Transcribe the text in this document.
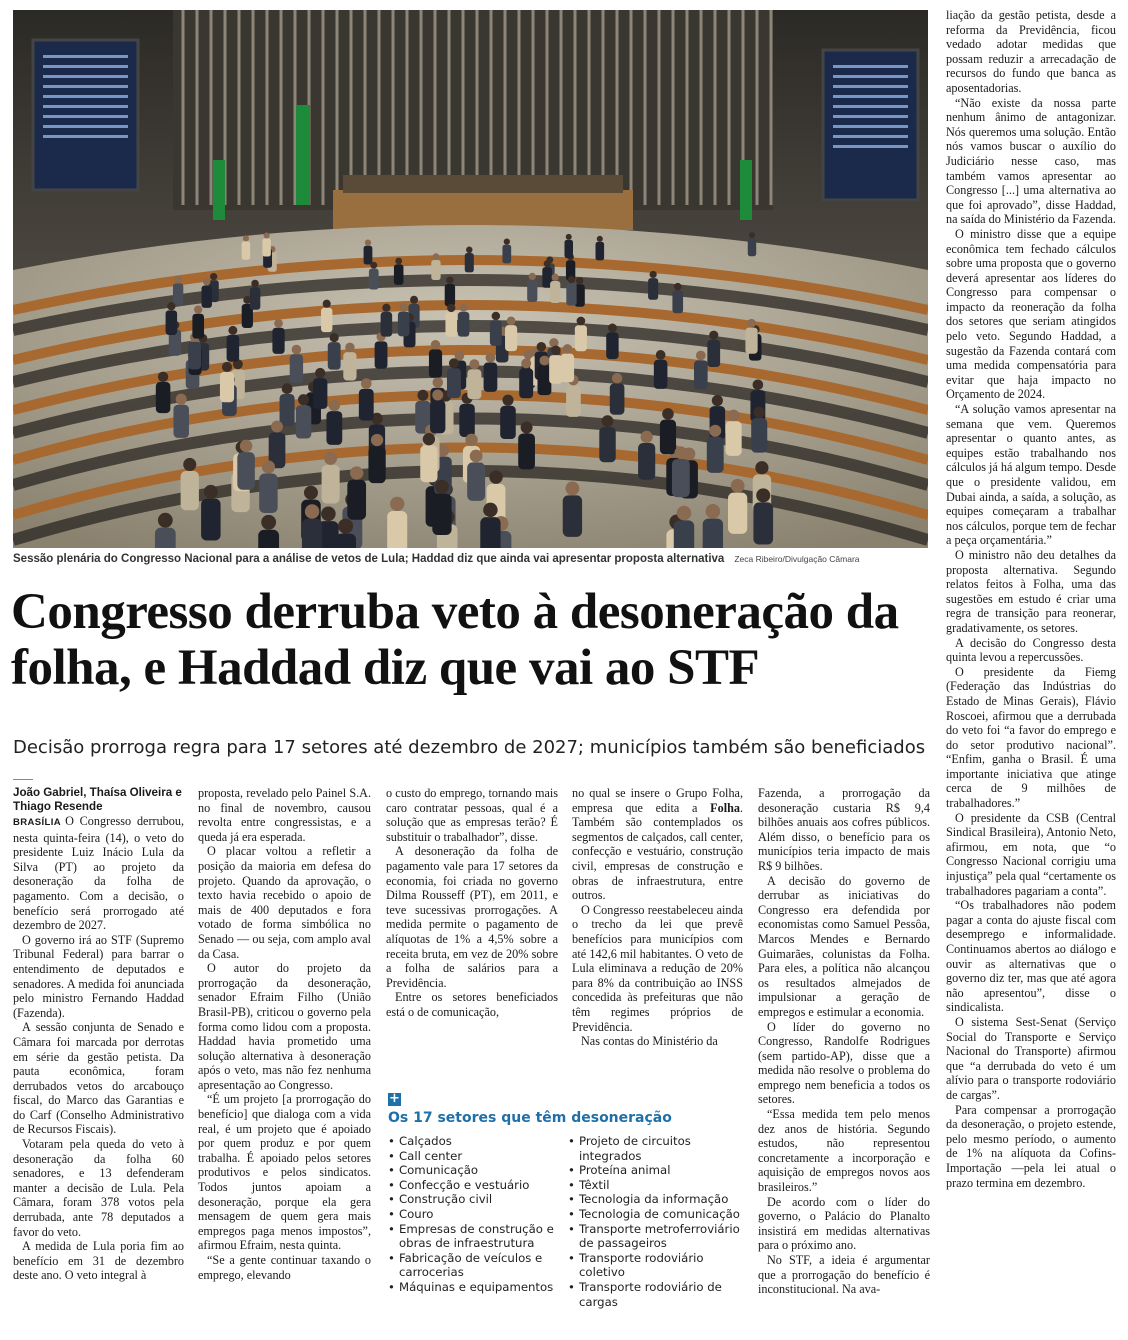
Sessão plenária do Congresso Nacional para a análise de vetos de Lula; Haddad diz que ainda vai apresentar proposta alternativa Zeca Ribeiro/Divulgação Câmara
Congresso derruba veto à desoneração da folha, e Haddad diz que vai ao STF
Decisão prorroga regra para 17 setores até dezembro de 2027; municípios também são beneficiados

João Gabriel, Thaísa Oliveira e Thiago Resende

BRASÍLIA O Congresso derrubou, nesta quinta-feira (14), o veto do presidente Luiz Inácio Lula da Silva (PT) ao projeto da desoneração da folha de pagamento. Com a decisão, o benefício será prorrogado até dezembro de 2027.

O governo irá ao STF (Supremo Tribunal Federal) para barrar o entendimento de deputados e senadores. A medida foi anunciada pelo ministro Fernando Haddad (Fazenda).

A sessão conjunta de Senado e Câmara foi marcada por derrotas em série da gestão petista. Da pauta econômica, foram derrubados vetos do arcabouço fiscal, do Marco das Garantias e do Carf (Conselho Administrativo de Recursos Fiscais).

Votaram pela queda do veto à desoneração da folha 60 senadores, e 13 defenderam manter a decisão de Lula. Pela Câmara, foram 378 votos pela derrubada, ante 78 deputados a favor do veto.

A medida de Lula poria fim ao benefício em 31 de dezembro deste ano. O veto integral à

proposta, revelado pelo Painel S.A. no final de novembro, causou revolta entre congressistas, e a queda já era esperada.

O placar voltou a refletir a posição da maioria em defesa do projeto. Quando da aprovação, o texto havia recebido o apoio de mais de 400 deputados e fora votado de forma simbólica no Senado — ou seja, com amplo aval da Casa.

O autor do projeto da prorrogação da desoneração, senador Efraim Filho (União Brasil-PB), criticou o governo pela forma como lidou com a proposta. Haddad havia prometido uma solução alternativa à desoneração após o veto, mas não fez nenhuma apresentação ao Congresso.

“É um projeto [a prorrogação do benefício] que dialoga com a vida real, é um projeto que é apoiado por quem produz e por quem trabalha. É apoiado pelos setores produtivos e pelos sindicatos. Todos juntos apoiam a desoneração, porque ela gera mensagem de quem gera mais empregos paga menos impostos”, afirmou Efraim, nesta quinta.

“Se a gente continuar taxando o emprego, elevando

o custo do emprego, tornando mais caro contratar pessoas, qual é a solução que as empresas terão? É substituir o trabalhador”, disse.

A desoneração da folha de pagamento vale para 17 setores da economia, foi criada no governo Dilma Rousseff (PT), em 2011, e teve sucessivas prorrogações. A medida permite o pagamento de alíquotas de 1% a 4,5% sobre a receita bruta, em vez de 20% sobre a folha de salários para a Previdência.

Entre os setores beneficiados está o de comunicação,

no qual se insere o Grupo Folha, empresa que edita a Folha. Também são contemplados os segmentos de calçados, call center, confecção e vestuário, construção civil, empresas de construção e obras de infraestrutura, entre outros.

O Congresso reestabeleceu ainda o trecho da lei que prevê benefícios para municípios com até 142,6 mil habitantes. O veto de Lula eliminava a redução de 20% para 8% da contribuição ao INSS concedida às prefeituras que não têm regimes próprios de Previdência.

Nas contas do Ministério da

+
Os 17 setores que têm desoneração
• Calçados
• Call center
• Comunicação
• Confecção e vestuário
• Construção civil
• Couro
• Empresas de construção e obras de infraestrutura
• Fabricação de veículos e carrocerias
• Máquinas e equipamentos
• Projeto de circuitos integrados
• Proteína animal
• Têxtil
• Tecnologia da informação
• Tecnologia de comunicação
• Transporte metroferroviário de passageiros
• Transporte rodoviário coletivo
• Transporte rodoviário de cargas

Fazenda, a prorrogação da desoneração custaria R$ 9,4 bilhões anuais aos cofres públicos. Além disso, o benefício para os municípios teria impacto de mais R$ 9 bilhões.

A decisão do governo de derrubar as iniciativas do Congresso era defendida por economistas como Samuel Pessôa, Marcos Mendes e Bernardo Guimarães, colunistas da Folha. Para eles, a política não alcançou os resultados almejados de impulsionar a geração de empregos e estimular a economia.

O líder do governo no Congresso, Randolfe Rodrigues (sem partido-AP), disse que a medida não resolve o problema do emprego nem beneficia a todos os setores.

“Essa medida tem pelo menos dez anos de história. Segundo estudos, não representou concretamente a incorporação e aquisição de empregos novos aos brasileiros.”

De acordo com o líder do governo, o Palácio do Planalto insistirá em medidas alternativas para o próximo ano.

No STF, a ideia é argumentar que a prorrogação do benefício é inconstitucional. Na ava-

liação da gestão petista, desde a reforma da Previdência, ficou vedado adotar medidas que possam reduzir a arrecadação de recursos do fundo que banca as aposentadorias.

“Não existe da nossa parte nenhum ânimo de antagonizar. Nós queremos uma solução. Então nós vamos buscar o auxílio do Judiciário nesse caso, mas também vamos apresentar ao Congresso [...] uma alternativa ao que foi aprovado”, disse Haddad, na saída do Ministério da Fazenda.

O ministro disse que a equipe econômica tem fechado cálculos sobre uma proposta que o governo deverá apresentar aos líderes do Congresso para compensar o impacto da reoneração da folha dos setores que seriam atingidos pelo veto. Segundo Haddad, a sugestão da Fazenda contará com uma medida compensatória para evitar que haja impacto no Orçamento de 2024.

“A solução vamos apresentar na semana que vem. Queremos apresentar o quanto antes, as equipes estão trabalhando nos cálculos já há algum tempo. Desde que o presidente validou, em Dubai ainda, a saída, a solução, as equipes começaram a trabalhar nos cálculos, porque tem de fechar a peça orçamentária.”

O ministro não deu detalhes da proposta alternativa. Segundo relatos feitos à Folha, uma das sugestões em estudo é criar uma regra de transição para reonerar, gradativamente, os setores.

A decisão do Congresso desta quinta levou a repercussões.

O presidente da Fiemg (Federação das Indústrias do Estado de Minas Gerais), Flávio Roscoei, afirmou que a derrubada do veto foi “a favor do emprego e do setor produtivo nacional”. “Enfim, ganha o Brasil. É uma importante iniciativa que atinge cerca de 9 milhões de trabalhadores.”

O presidente da CSB (Central Sindical Brasileira), Antonio Neto, afirmou, em nota, que “o Congresso Nacional corrigiu uma injustiça” pela qual “certamente os trabalhadores pagariam a conta”.

“Os trabalhadores não podem pagar a conta do ajuste fiscal com desemprego e informalidade. Continuamos abertos ao diálogo e ouvir as alternativas que o governo diz ter, mas que até agora não apresentou”, disse o sindicalista.

O sistema Sest-Senat (Serviço Social do Transporte e Serviço Nacional do Transporte) afirmou que “a derrubada do veto é um alívio para o transporte rodoviário de cargas”.

Para compensar a prorrogação da desoneração, o projeto estende, pelo mesmo período, o aumento de 1% na alíquota da Cofins-Importação —pela lei atual o prazo termina em dezembro.
